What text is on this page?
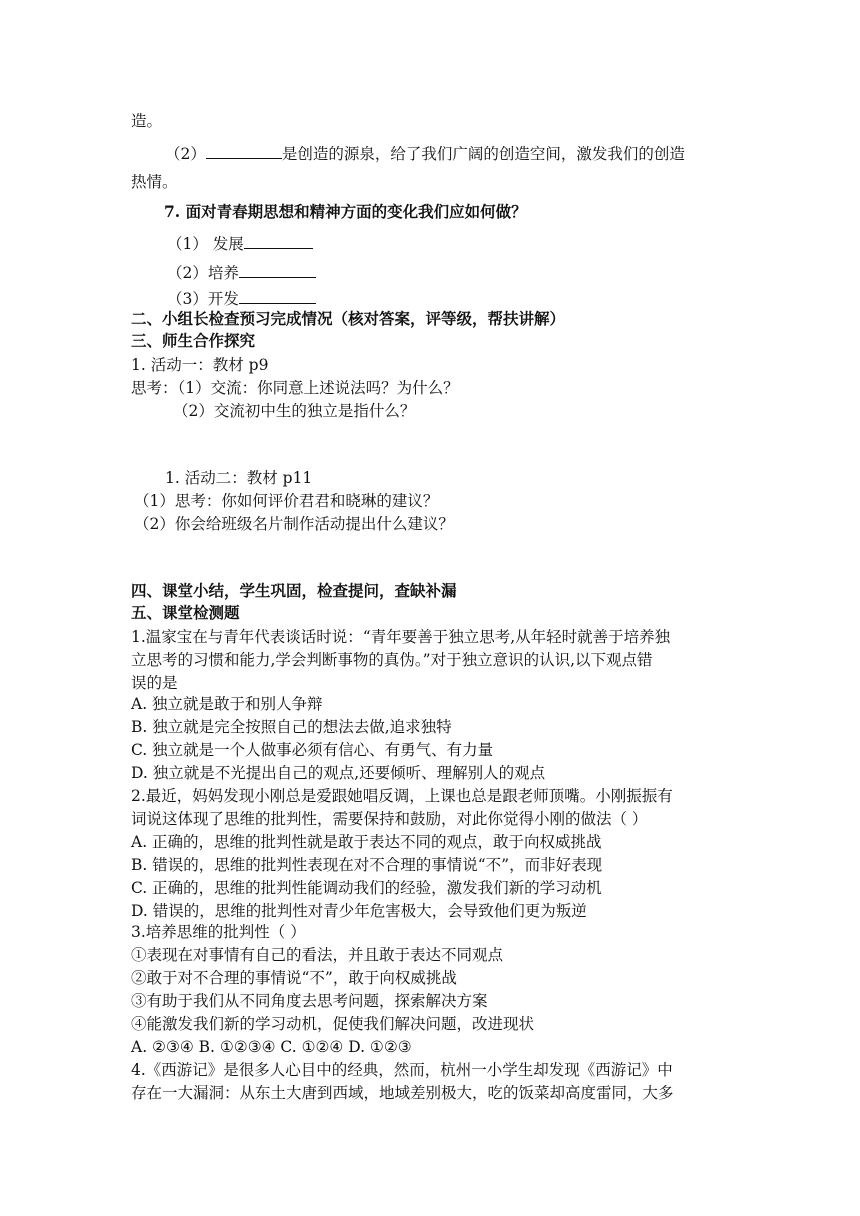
造。
（2）	是创造的源泉，给了我们广阔的创造空间，激发我们的创造
热情。
7. 面对青春期思想和精神方面的变化我们应如何做？
（1） 发展
（2）培养
（3）开发
二、小组长检查预习完成情况（核对答案，评等级，帮扶讲解）
三、师生合作探究
1. 活动一：教材 p9
思考：（1）交流：你同意上述说法吗？为什么？
（2）交流初中生的独立是指什么？
1. 活动二：教材 p11
（1）思考：你如何评价君君和晓琳的建议？
（2）你会给班级名片制作活动提出什么建议？
四、课堂小结，学生巩固，检查提问，查缺补漏
五、课堂检测题
1.温家宝在与青年代表谈话时说：“青年要善于独立思考,从年轻时就善于培养独
立思考的习惯和能力,学会判断事物的真伪。”对于独立意识的认识,以下观点错
误的是
A. 独立就是敢于和别人争辩
B. 独立就是完全按照自己的想法去做,追求独特
C. 独立就是一个人做事必须有信心、有勇气、有力量
D. 独立就是不光提出自己的观点,还要倾听、理解别人的观点
2.最近，妈妈发现小刚总是爱跟她唱反调，上课也总是跟老师顶嘴。小刚振振有
词说这体现了思维的批判性，需要保持和鼓励，对此你觉得小刚的做法（ ）
A. 正确的，思维的批判性就是敢于表达不同的观点，敢于向权威挑战
B. 错误的，思维的批判性表现在对不合理的事情说“不”，而非好表现
C. 正确的，思维的批判性能调动我们的经验，激发我们新的学习动机
D. 错误的，思维的批判性对青少年危害极大，会导致他们更为叛逆
3.培养思维的批判性（ ）
①表现在对事情有自己的看法，并且敢于表达不同观点
②敢于对不合理的事情说“不”，敢于向权威挑战
③有助于我们从不同角度去思考问题，探索解决方案
④能激发我们新的学习动机，促使我们解决问题，改进现状
A. ②③④ B. ①②③④ C. ①②④ D. ①②③
4.《西游记》是很多人心目中的经典，然而，杭州一小学生却发现《西游记》中
存在一大漏洞：从东土大唐到西域，地域差别极大，吃的饭菜却高度雷同，大多
